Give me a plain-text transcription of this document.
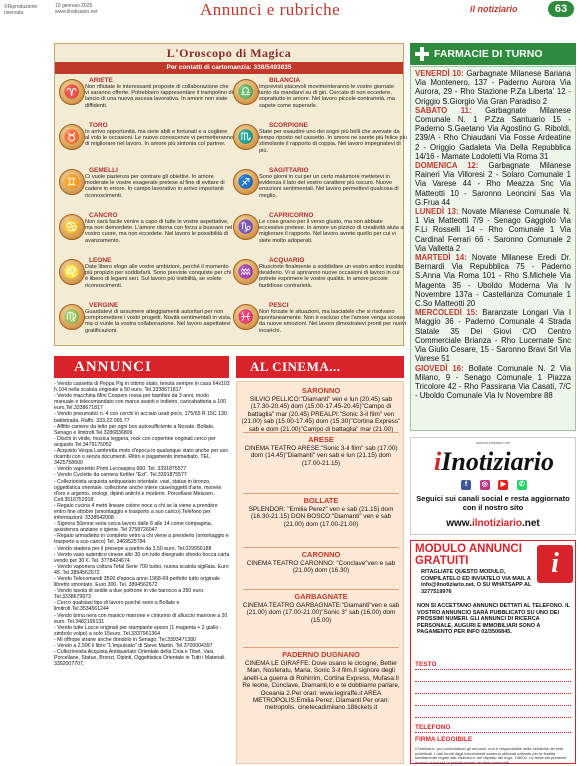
©Riproduzione riservata
10 gennaio 2025
www.ilnotiziario.net	Annunci e rubriche	il notiziario	63
L'Oroscopo di Magica
Per contatti di cartomanzia: 338/5493835
♈
ARIETE
Non rifiutate le interessanti proposte di collaborazione che vi saranno offerte. Potrebbero rappresentare il trampolino di lancio di una nuova ascesa lavorativa. In amore non siate diffidenti.
♎
BILANCIA
Imprevisti piacevoli movimenteranno le vostre giornate tanto da mandarvi su di giri. Cercate di non eccedere, soprattutto in amore. Nel lavoro piccole contrarietà, ma sapete come superarle.
♉
TORO
In arrivo opportunità, ma siete abili e fortunati e a cogliere al volo le occasioni. Le nuove conoscenze vi permetteranno di migliorare nel lavoro. In amore più sintonia col partner.
♏
SCORPIONE
State per esaudire uno dei sogni più belli che avevate da tempo riposto nel cassetto. In amore ne sarete più felice più stimolante il rapporto di coppia. Nel lavoro impegnatevi di più.
♊
GEMELLI
Ci vuole pazienza per contrare gli obiettivi. In amore moderate le vostre esagerate pretese al fine di evitare di cadere in errore. In campo lavorativo in arrivo importanti riconoscimenti.
♐
SAGITTARIO
Sono giorni in cui per un certo malumore mettetevi in evidenza il lato del vostro carattere più oscuro. Nuove emozioni sentimentali. Nel lavoro permettevi qualcosa di meglio.
♋
CANCRO
Non sarà facile venire a capo di tutte le vostre aspettative, ma non demordete. L'amore ritorna con forza a bussare nel vostro cuore, ma non eccedete. Nel lavoro le possibilità di avanzamento.
♑
CAPRICORNO
Le cose girano per il verso giusto, ma non abbiate eccessive pretese. In amore un pizzico di creatività aiuta a migliorare il rapporto. Nel lavoro avrete quello per cui vi siete molto adoperati.
♌
LEONE
Date libero sfogo alle vostre ambizioni, perché il momento più propizio per soddisfarli. Sono previste conquiste per chi è libero di legami seri. Sul lavoro più visibilità, se volete riconoscimenti.
♒
ACQUARIO
Riuscirete finalmente a soddisfare un vostro antico insolito desiderio. Vi si apriranno nuove occasioni di lavoro in cui potrete esprimere le vostre qualità. In amore piccole fastidiose contrarietà.
♍
VERGINE
Guardatevi di assumere atteggiamenti autoritari per non compromettere i vostri progetti. Novità sentimentali in vista, ma ci vuole la vostra collaborazione. Nel lavoro aspettatevi gratificazioni.
♓
PESCI
Non forzate le situazioni, ma lasciatele che si risolvano spontaneamente. Non è escluso che l'amore venga scosso da nuove emozioni. Nel lavoro dimostratevi pronti per nuovi incarichi.
ANNUNCI

- Vendo cassetta di Peppa Pig in ottimo stato, tenuta sempre in casa 64x103 h 104 nella scatola originale a 50 euro. Tel.3338671817

- Vendo macchina Mini Coopers rossa per bambini da 3 anni, modo manuale e telecomandato con marce avanti e indietro, caricabatteria a 100 euro.Tel.3338671817

- Vendo pneumatici n. 4 con cerchi in acciaio usati poco, 175/65 R 15C 130 battistrada. Raffo. 333.22.065.77

- Affitto camere da letto per ogni box autosufficiente a Novate. Bollate, Senago e limitrofi.Tel.3286836809

- Dischi in vinile, musica leggera, rock con copertine originali cerco per acquisto.Tel.3479175052

- Acquisto Vespa Lambretta moto d'epoca in qualunque stato anche per uso ricambi con o senza documenti. Ritiro e pagamento immediato. TEL. 3425758600

- Vendo vaporetto Pomi Lecoaspira 660. Tel. 3391875577

- Vendo Cyclette da camera Kettler "Ext". Tel.3391875577

- Collezionista acquista antiquariato orientale: vasi, statue in bronzo, oggettistica orientale. collezione anche intere case/oggetti d'arte, monete d'oro e argento, orologi, dipinti antichi e moderni. Porcellane Meissen. Cell.3516752918

- Regalo cucina 4 metri lineare colore noce a chi se la viene a prendere entro fine ottobre (smontaggio e trasporto a suo carico).Telefono per informazioni: 3338542008

- Signora 50enne seria cerca lavoro dalle 8 alle 14 come compagnia, assistenza anziane o igiene. Tel 3758726047

- Regalo armadietto in completo vetro a chi viene a prenderlo (smontaggio e trasporto a suo carico) Tel. 3469525784

- Vendo stadera per il presepe a partire da 3,50 euro. Tel.029956188

- Vendo vaso autentico cinese alto 30 cm tutto disegnato sfondo bocca carta vendo per 30 €. Tel. 3778424674

- Vendo vaporiera coltura Tefal Serie 700 turbo, nuova scatola sigillata. Euro 45. Tel.3894562672

- Vendo Telecomandi 3500 d'epoca anno 1968-69 perfetto tutto originale libretto smontato. Euro 300. Tel. 3894562672

- Vendo tavola di sedile a due poltrone in vile barocco a 350 euro. Tel.3338679973

- Cerco qualsiasi tipo di lavoro purché serio a Bollate e limitrofi.Tel.3534561244

- Vendo brina nera con manico marrone e cinturino di alluccio marrone a 20 euro. Tel.3482199131

- Vendo tutte Lucce originali per stampante epson (1 magenta + 2 giallo - simbolo volpe) a solo 15euro. Tel.3337961364

- Mi offrope strane anche dondolo in Senago. Tel.3393471380

- Vendo a 2.50€ il libro "L'impulsato" di Steve Martin. Tel.3700004397

- Collezionista Acquista Antiquariato Orientale della Cina e Tibet, Vasi, Porcellane, Statue, Bronzi, Dipinti, Oggettistica Orientale in Tutti i Materiali. 3392007707.

AL CINEMA...
SARONNO
SILVIO PELLICO:"Diamanti" ven e lun (20.45) sab (17.30-20.45) dom (15.00-17.45-20.45)"Campo di battaglia" mar (20.45) PREALPI:"Sonic 3-il film" ven (21.00) sab (15.00-17.45) dom (15.30)"Cortina Express" sab e dom (21.00)"Campo di battaglia" mar (21.00)
ARESE
CINEMA TEATRO ARESE:"Sonic 3-il film" sab (17.00) dom (14.45)"Diamanti" ven sab e lun (21.15) dom (17.00-21.15)
BOLLATE
SPLENDOR: "Emilia Perez" ven e sab (21.15) dom (16.30-21.15) DON BOSCO:"Diamanti" ven e sab (21.00) dom (17.00-21.00)
CARONNO
CINEMA TEATRO CARONNO: "Conclave"ven e sab (21.00) dom (16.30)
GARBAGNATE
CINEMA TEATRO GARBAGNATE:"Diamanti"ven e sab (21.00) dom (17.00-21.00)"Sonic 3" sab (16.00) dom (15.00)
PADERNO DUGNANO
CINEMA LE GIRAFFE: Dove osano le cicogne, Better Man, Nosferatu, Maria, Sonic 3-il film,Il signore degli anelli-La guerra di Rohirrim, Cortina Express, Mufasa:Il Re leone, Conclave, Diamanti,Io e te dobbiamo parlare, Oceania 2.Per orari: www.legiraffe.it AREA METROPOLIS:Emilia Perez, Diamanti Per orari: metropolis. cinetecadimilano.18tickets.it
FARMACIE DI TURNO
VENERDÌ 10: Garbagnate Milanese Bariana Via Montenero, 137 - Paderno Aurora Via Aurora, 29 - Rho Stazione P.Za Liberta' 12 - Origgio S.Giorgio Via Gran Paradiso 2
SABATO 11: Garbagnate Milanese Comunale N. 1 P.Zza Santuario 15 - Paderno S.Gaetano Via Agostino G. Riboldi, 239/A - Rho Chiaudani Via Fosse Ardeatine 2 - Origgio Gadaleta Via Della Repubblica 14/16 - Mamate Lodoletti Via Roma 31
DOMENICA 12: Garbagnate Milanese Raineri Via Villoresi 2 - Solaro Comunale 1 Via Varese 44 - Rho Meazza Snc Via Matteotti 10 - Saronno Leoncini Sas Via G.Frua 44
LUNEDÌ 13: Novate Milanese Comunale N. 1 Via Matteotti 7/9 - Senago Gaggiolo Via F.Li Rosselli 14 - Rho Comunale 1 Via Cardinal Ferrari 66 - Saronno Comunale 2 Via Valletta 2
MARTEDÌ 14: Novate Milanese Eredi Dr. Bernardi Via Repubblica 75 - Paderno S.Anna Via Roma 101 - Rho S.Michele Via Magenta 35 - Uboldo Moderna Via Iv Novembre 137a - Castellanza Comunale 1 C.So Matteotti 20
MERCOLEDÌ 15: Baranzate Longari Via I Maggio 36 - Paderno Comunale 4 Strada Statale 35 Dei Giovi C/O Centro Commerciale Brianza - Rho Lucernate Snc Via Giulio Cesare, 15 - Saronno Bravi Srl Via Varese 51
GIOVEDÌ 16: Bollate Comunale N. 2 Via Milano, 9 - Senago Comunale 1 Piazza Tricolore 42 - Rho Passirana Via Casati, 7/C - Uboldo Comunale Via Iv Novembre 88
www.ilnotiziario.net
iInotiziario
f	◎	▶	✆
Seguici sui canali social e resta aggiornato con il nostro sito
www.ilnotiziario.net
MODULO ANNUNCI GRATUITI	i
RITAGLIATE QUESTO MODULO, COMPILATELO ED INVIATELO VIA MAIL A info@ilnotiziario.net. O SU WHATSAPP AL 3277519976
NON SI ACCETTANO ANNUNCI DETTATI AL TELEFONO. IL VOSTRO ANNUNCIO SARÀ PUBBLICATO SU UNO DEI PROSSIMI NUMERI. GLI ANNUNCI DI RICERCA PERSONALE, AUGURI E IMMOBILIARI SONO A PAGAMENTO PER INFO 02/3506845.
TESTO
TELEFONO
FIRMA LEGGIBILE
Il Notiziario, pur controllando gli annunci, non è responsabile della veridicità dei testi pubblicati. I dati forniti dagli inserzionisti saranno utilizzati soltanto per le finalità strettamente legate alle inserzioni, nel rispetto del d.lgs. 196/03. La firma del presente modulo autorizza la pubblicazione dei testi sottoscritti.
